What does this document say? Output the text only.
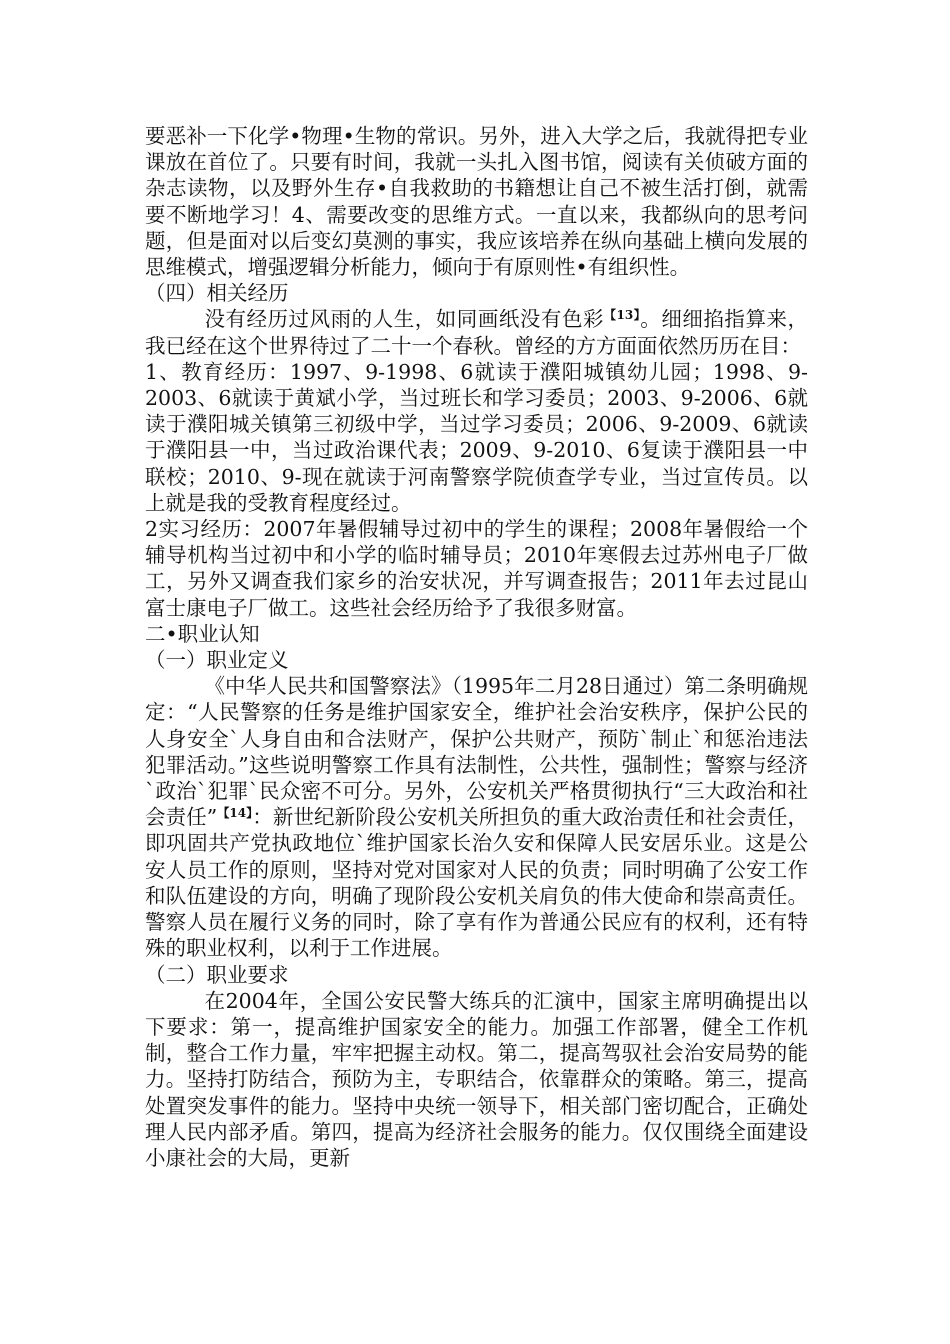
要恶补一下化学•物理•生物的常识。另外，进入大学之后，我就得把专业课放在首位了。只要有时间，我就一头扎入图书馆，阅读有关侦破方面的杂志读物，以及野外生存•自我救助的书籍想让自己不被生活打倒，就需要不断地学习！4、需要改变的思维方式。一直以来，我都纵向的思考问题，但是面对以后变幻莫测的事实，我应该培养在纵向基础上横向发展的思维模式，增强逻辑分析能力，倾向于有原则性•有组织性。

（四）相关经历

没有经历过风雨的人生，如同画纸没有色彩$^{【13】}$。细细掐指算来，我已经在这个世界待过了二十一个春秋。曾经的方方面面依然历历在目：

1、教育经历：1997、9-1998、6就读于濮阳城镇幼儿园；1998、9-2003、6就读于黄斌小学，当过班长和学习委员；2003、9-2006、6就读于濮阳城关镇第三初级中学，当过学习委员；2006、9-2009、6就读于濮阳县一中，当过政治课代表；2009、9-2010、6复读于濮阳县一中联校；2010、9-现在就读于河南警察学院侦查学专业，当过宣传员。以上就是我的受教育程度经过。

2实习经历：2007年暑假辅导过初中的学生的课程；2008年暑假给一个辅导机构当过初中和小学的临时辅导员；2010年寒假去过苏州电子厂做工，另外又调查我们家乡的治安状况，并写调查报告；2011年去过昆山富士康电子厂做工。这些社会经历给予了我很多财富。

二•职业认知

（一）职业定义

《中华人民共和国警察法》（1995年二月28日通过）第二条明确规定：“人民警察的任务是维护国家安全，维护社会治安秩序，保护公民的人身安全`人身自由和合法财产，保护公共财产，预防`制止`和惩治违法犯罪活动。”这些说明警察工作具有法制性，公共性，强制性；警察与经济`政治`犯罪`民众密不可分。另外，公安机关严格贯彻执行“三大政治和社会责任”$^{【14】}$：新世纪新阶段公安机关所担负的重大政治责任和社会责任，即巩固共产党执政地位`维护国家长治久安和保障人民安居乐业。这是公安人员工作的原则，坚持对党对国家对人民的负责；同时明确了公安工作和队伍建设的方向，明确了现阶段公安机关肩负的伟大使命和崇高责任。警察人员在履行义务的同时，除了享有作为普通公民应有的权利，还有特殊的职业权利，以利于工作进展。

（二）职业要求

在2004年，全国公安民警大练兵的汇演中，国家主席明确提出以下要求：第一，提高维护国家安全的能力。加强工作部署，健全工作机制，整合工作力量，牢牢把握主动权。第二，提高驾驭社会治安局势的能力。坚持打防结合，预防为主，专职结合，依靠群众的策略。第三，提高处置突发事件的能力。坚持中央统一领导下，相关部门密切配合，正确处理人民内部矛盾。第四，提高为经济社会服务的能力。仅仅围绕全面建设小康社会的大局，更新
